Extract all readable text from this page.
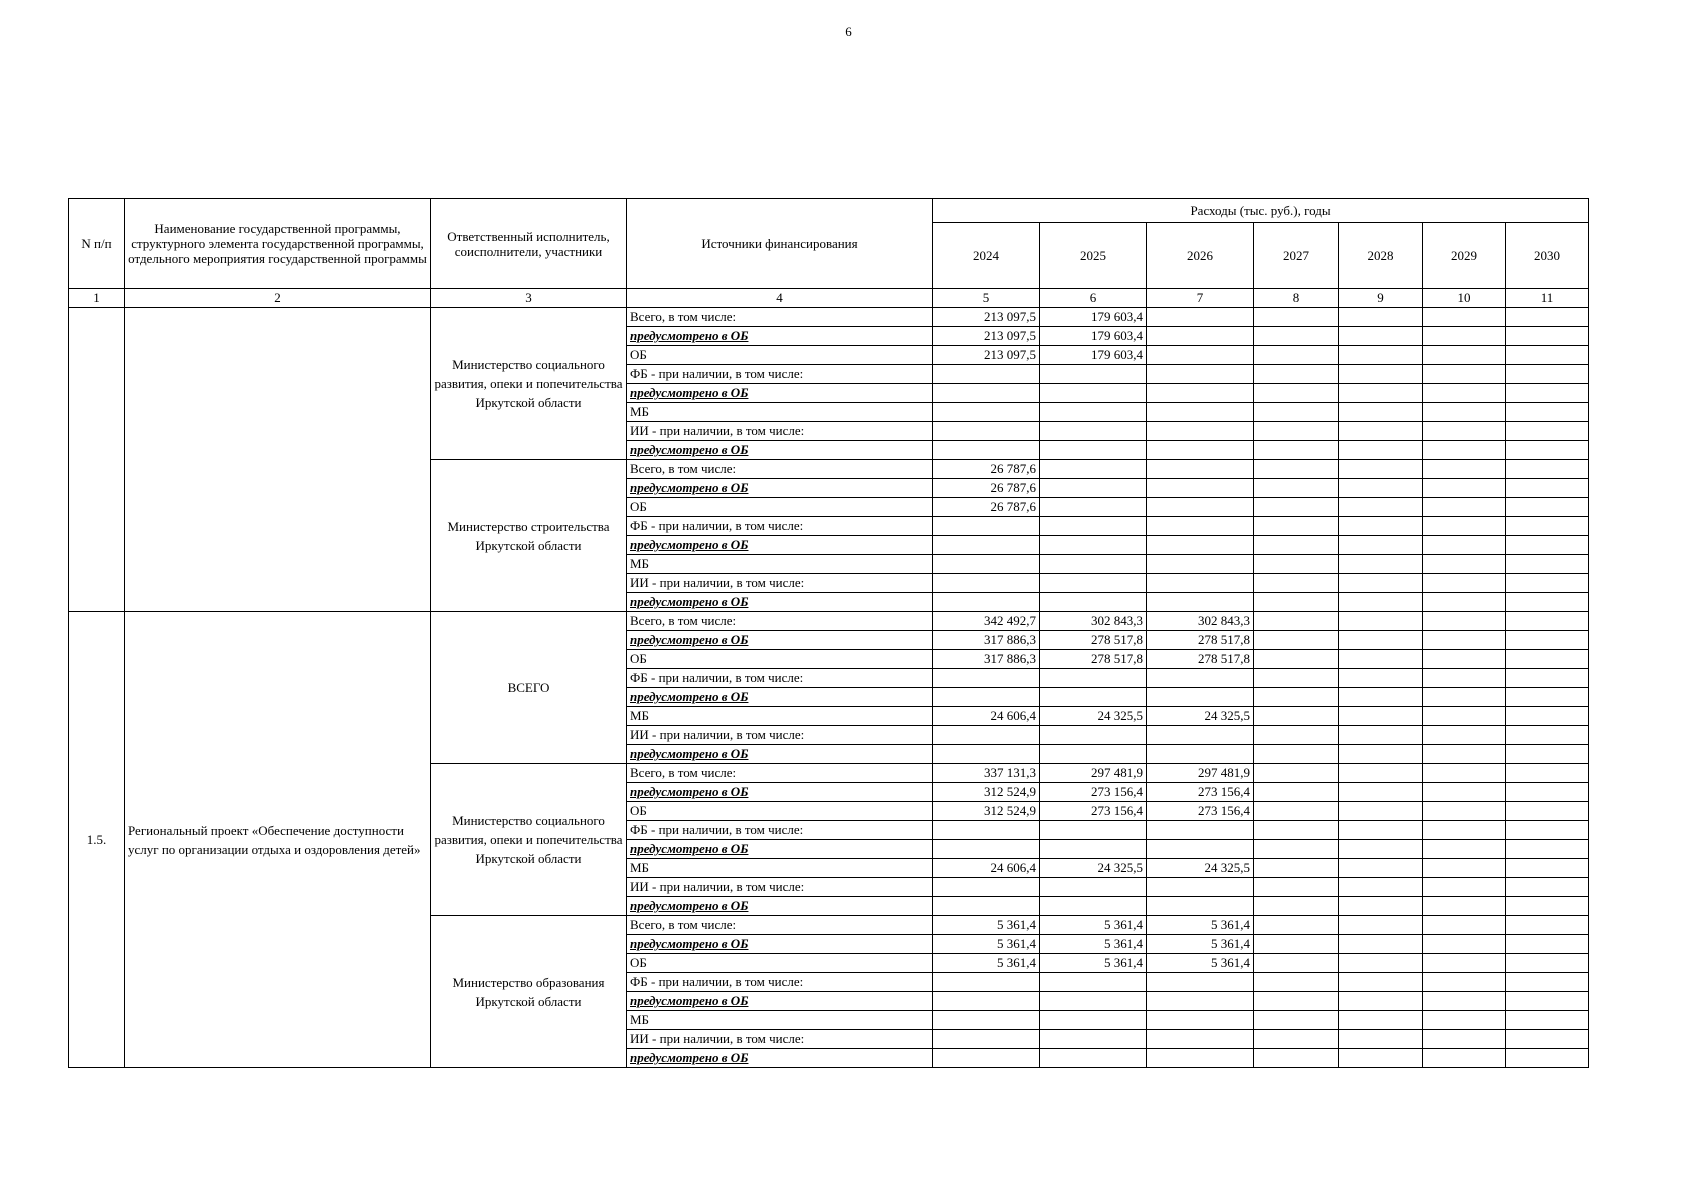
6
N п/п	Наименование государственной программы, структурного элемента государственной программы, отдельного мероприятия государственной программы	Ответственный исполнитель, соисполнители, участники	Источники финансирования	Расходы (тыс. руб.), годы						
				2024	2025	2026	2027	2028	2029	2030
1	2	3	4	5	6	7	8	9	10	11
		Министерство социального развития, опеки и попечительства Иркутской области	Всего, в том числе:	213 097,5	179 603,4					
			предусмотрено в ОБ	213 097,5	179 603,4					
			ОБ	213 097,5	179 603,4					
			ФБ - при наличии, в том числе:							
			предусмотрено в ОБ							
			МБ							
			ИИ - при наличии, в том числе:							
			предусмотрено в ОБ							
		Министерство строительства Иркутской области	Всего, в том числе:	26 787,6						
			предусмотрено в ОБ	26 787,6						
			ОБ	26 787,6						
			ФБ - при наличии, в том числе:							
			предусмотрено в ОБ							
			МБ							
			ИИ - при наличии, в том числе:							
			предусмотрено в ОБ							
1.5.	Региональный проект «Обеспечение доступности услуг по организации отдыха и оздоровления детей»	ВСЕГО	Всего, в том числе:	342 492,7	302 843,3	302 843,3				
			предусмотрено в ОБ	317 886,3	278 517,8	278 517,8				
			ОБ	317 886,3	278 517,8	278 517,8				
			ФБ - при наличии, в том числе:							
			предусмотрено в ОБ							
			МБ	24 606,4	24 325,5	24 325,5				
			ИИ - при наличии, в том числе:							
			предусмотрено в ОБ							
		Министерство социального развития, опеки и попечительства Иркутской области	Всего, в том числе:	337 131,3	297 481,9	297 481,9				
			предусмотрено в ОБ	312 524,9	273 156,4	273 156,4				
			ОБ	312 524,9	273 156,4	273 156,4				
			ФБ - при наличии, в том числе:							
			предусмотрено в ОБ							
			МБ	24 606,4	24 325,5	24 325,5				
			ИИ - при наличии, в том числе:							
			предусмотрено в ОБ							
		Министерство образования Иркутской области	Всего, в том числе:	5 361,4	5 361,4	5 361,4				
			предусмотрено в ОБ	5 361,4	5 361,4	5 361,4				
			ОБ	5 361,4	5 361,4	5 361,4				
			ФБ - при наличии, в том числе:							
			предусмотрено в ОБ							
			МБ							
			ИИ - при наличии, в том числе:							
			предусмотрено в ОБ							
